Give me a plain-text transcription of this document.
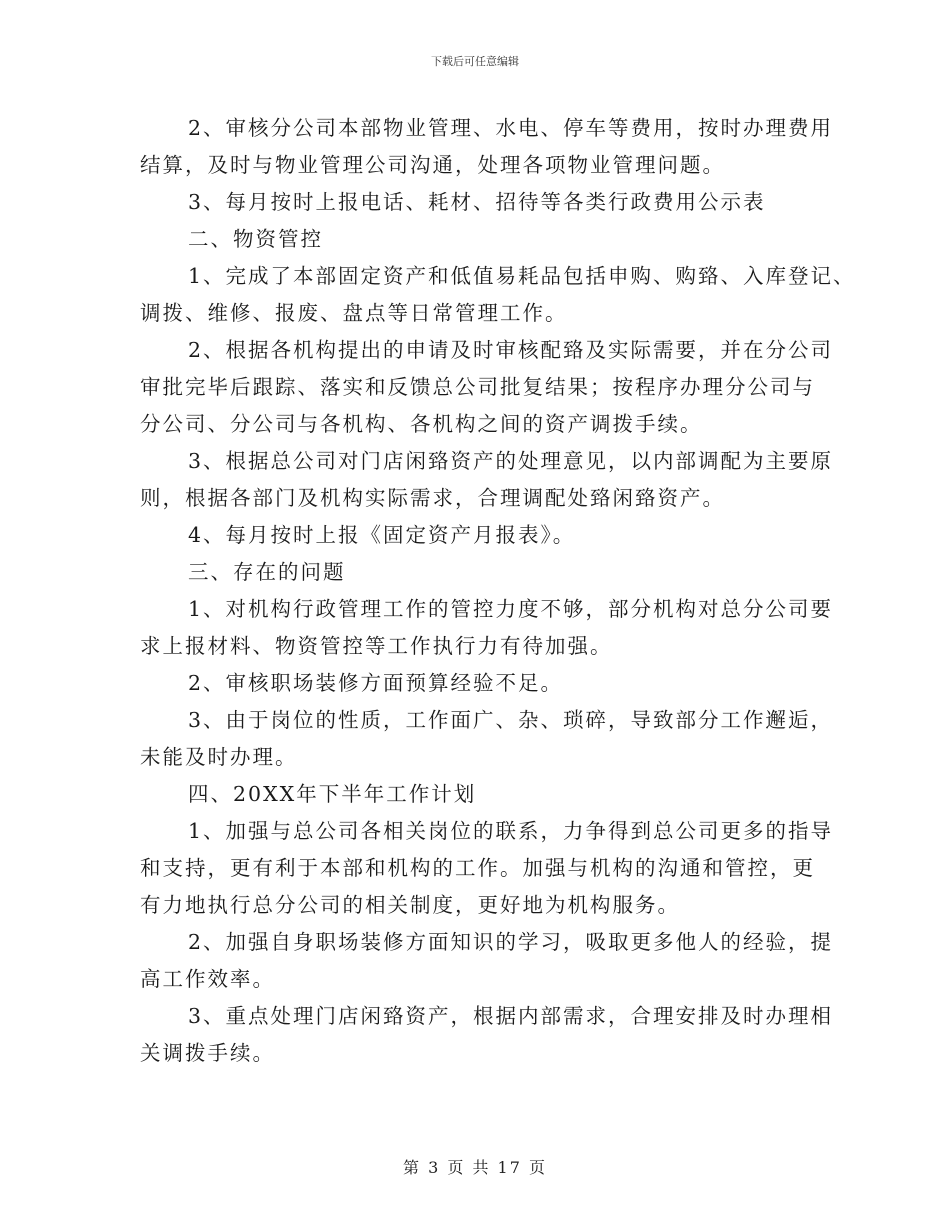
下载后可任意编辑
2、审核分公司本部物业管理、水电、停车等费用，按时办理费用
结算，及时与物业管理公司沟通，处理各项物业管理问题。
3、每月按时上报电话、耗材、招待等各类行政费用公示表
二、物资管控
1、完成了本部固定资产和低值易耗品包括申购、购臵、入库登记、
调拨、维修、报废、盘点等日常管理工作。
2、根据各机构提出的申请及时审核配臵及实际需要，并在分公司
审批完毕后跟踪、落实和反馈总公司批复结果；按程序办理分公司与
分公司、分公司与各机构、各机构之间的资产调拨手续。
3、根据总公司对门店闲臵资产的处理意见，以内部调配为主要原
则，根据各部门及机构实际需求，合理调配处臵闲臵资产。
4、每月按时上报《固定资产月报表》。
三、存在的问题
1、对机构行政管理工作的管控力度不够，部分机构对总分公司要
求上报材料、物资管控等工作执行力有待加强。
2、审核职场装修方面预算经验不足。
3、由于岗位的性质，工作面广、杂、琐碎，导致部分工作邂逅，
未能及时办理。
四、20XX年下半年工作计划
1、加强与总公司各相关岗位的联系，力争得到总公司更多的指导
和支持，更有利于本部和机构的工作。加强与机构的沟通和管控，更
有力地执行总分公司的相关制度，更好地为机构服务。
2、加强自身职场装修方面知识的学习，吸取更多他人的经验，提
高工作效率。
3、重点处理门店闲臵资产，根据内部需求，合理安排及时办理相
关调拨手续。
第 3 页 共 17 页
